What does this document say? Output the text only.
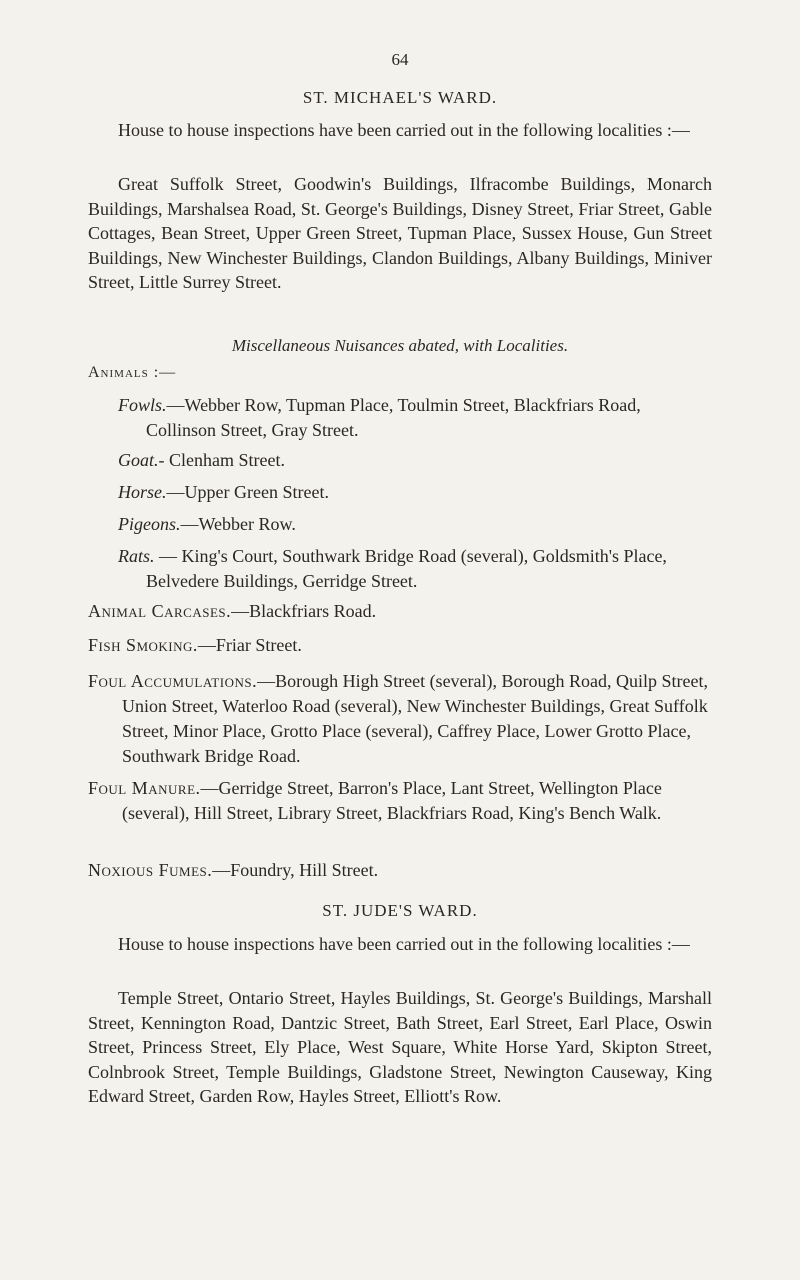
64
ST. MICHAEL'S WARD.
House to house inspections have been carried out in the following localities :—
Great Suffolk Street, Goodwin's Buildings, Ilfracombe Buildings, Monarch Buildings, Marshalsea Road, St. George's Buildings, Disney Street, Friar Street, Gable Cottages, Bean Street, Upper Green Street, Tupman Place, Sussex House, Gun Street Buildings, New Winchester Buildings, Clandon Buildings, Albany Buildings, Miniver Street, Little Surrey Street.
Miscellaneous Nuisances abated, with Localities.
Animals :—
Fowls.—Webber Row, Tupman Place, Toulmin Street, Blackfriars Road, Collinson Street, Gray Street.
Goat.- Clenham Street.
Horse.—Upper Green Street.
Pigeons.—Webber Row.
Rats. — King's Court, Southwark Bridge Road (several), Goldsmith's Place, Belvedere Buildings, Gerridge Street.
Animal Carcases.—Blackfriars Road.
Fish Smoking.—Friar Street.
Foul Accumulations.—Borough High Street (several), Borough Road, Quilp Street, Union Street, Waterloo Road (several), New Winchester Buildings, Great Suffolk Street, Minor Place, Grotto Place (several), Caffrey Place, Lower Grotto Place, Southwark Bridge Road.
Foul Manure.—Gerridge Street, Barron's Place, Lant Street, Wellington Place (several), Hill Street, Library Street, Blackfriars Road, King's Bench Walk.
Noxious Fumes.—Foundry, Hill Street.
ST. JUDE'S WARD.
House to house inspections have been carried out in the following localities :—
Temple Street, Ontario Street, Hayles Buildings, St. George's Buildings, Marshall Street, Kennington Road, Dantzic Street, Bath Street, Earl Street, Earl Place, Oswin Street, Princess Street, Ely Place, West Square, White Horse Yard, Skipton Street, Colnbrook Street, Temple Buildings, Gladstone Street, Newington Causeway, King Edward Street, Garden Row, Hayles Street, Elliott's Row.
